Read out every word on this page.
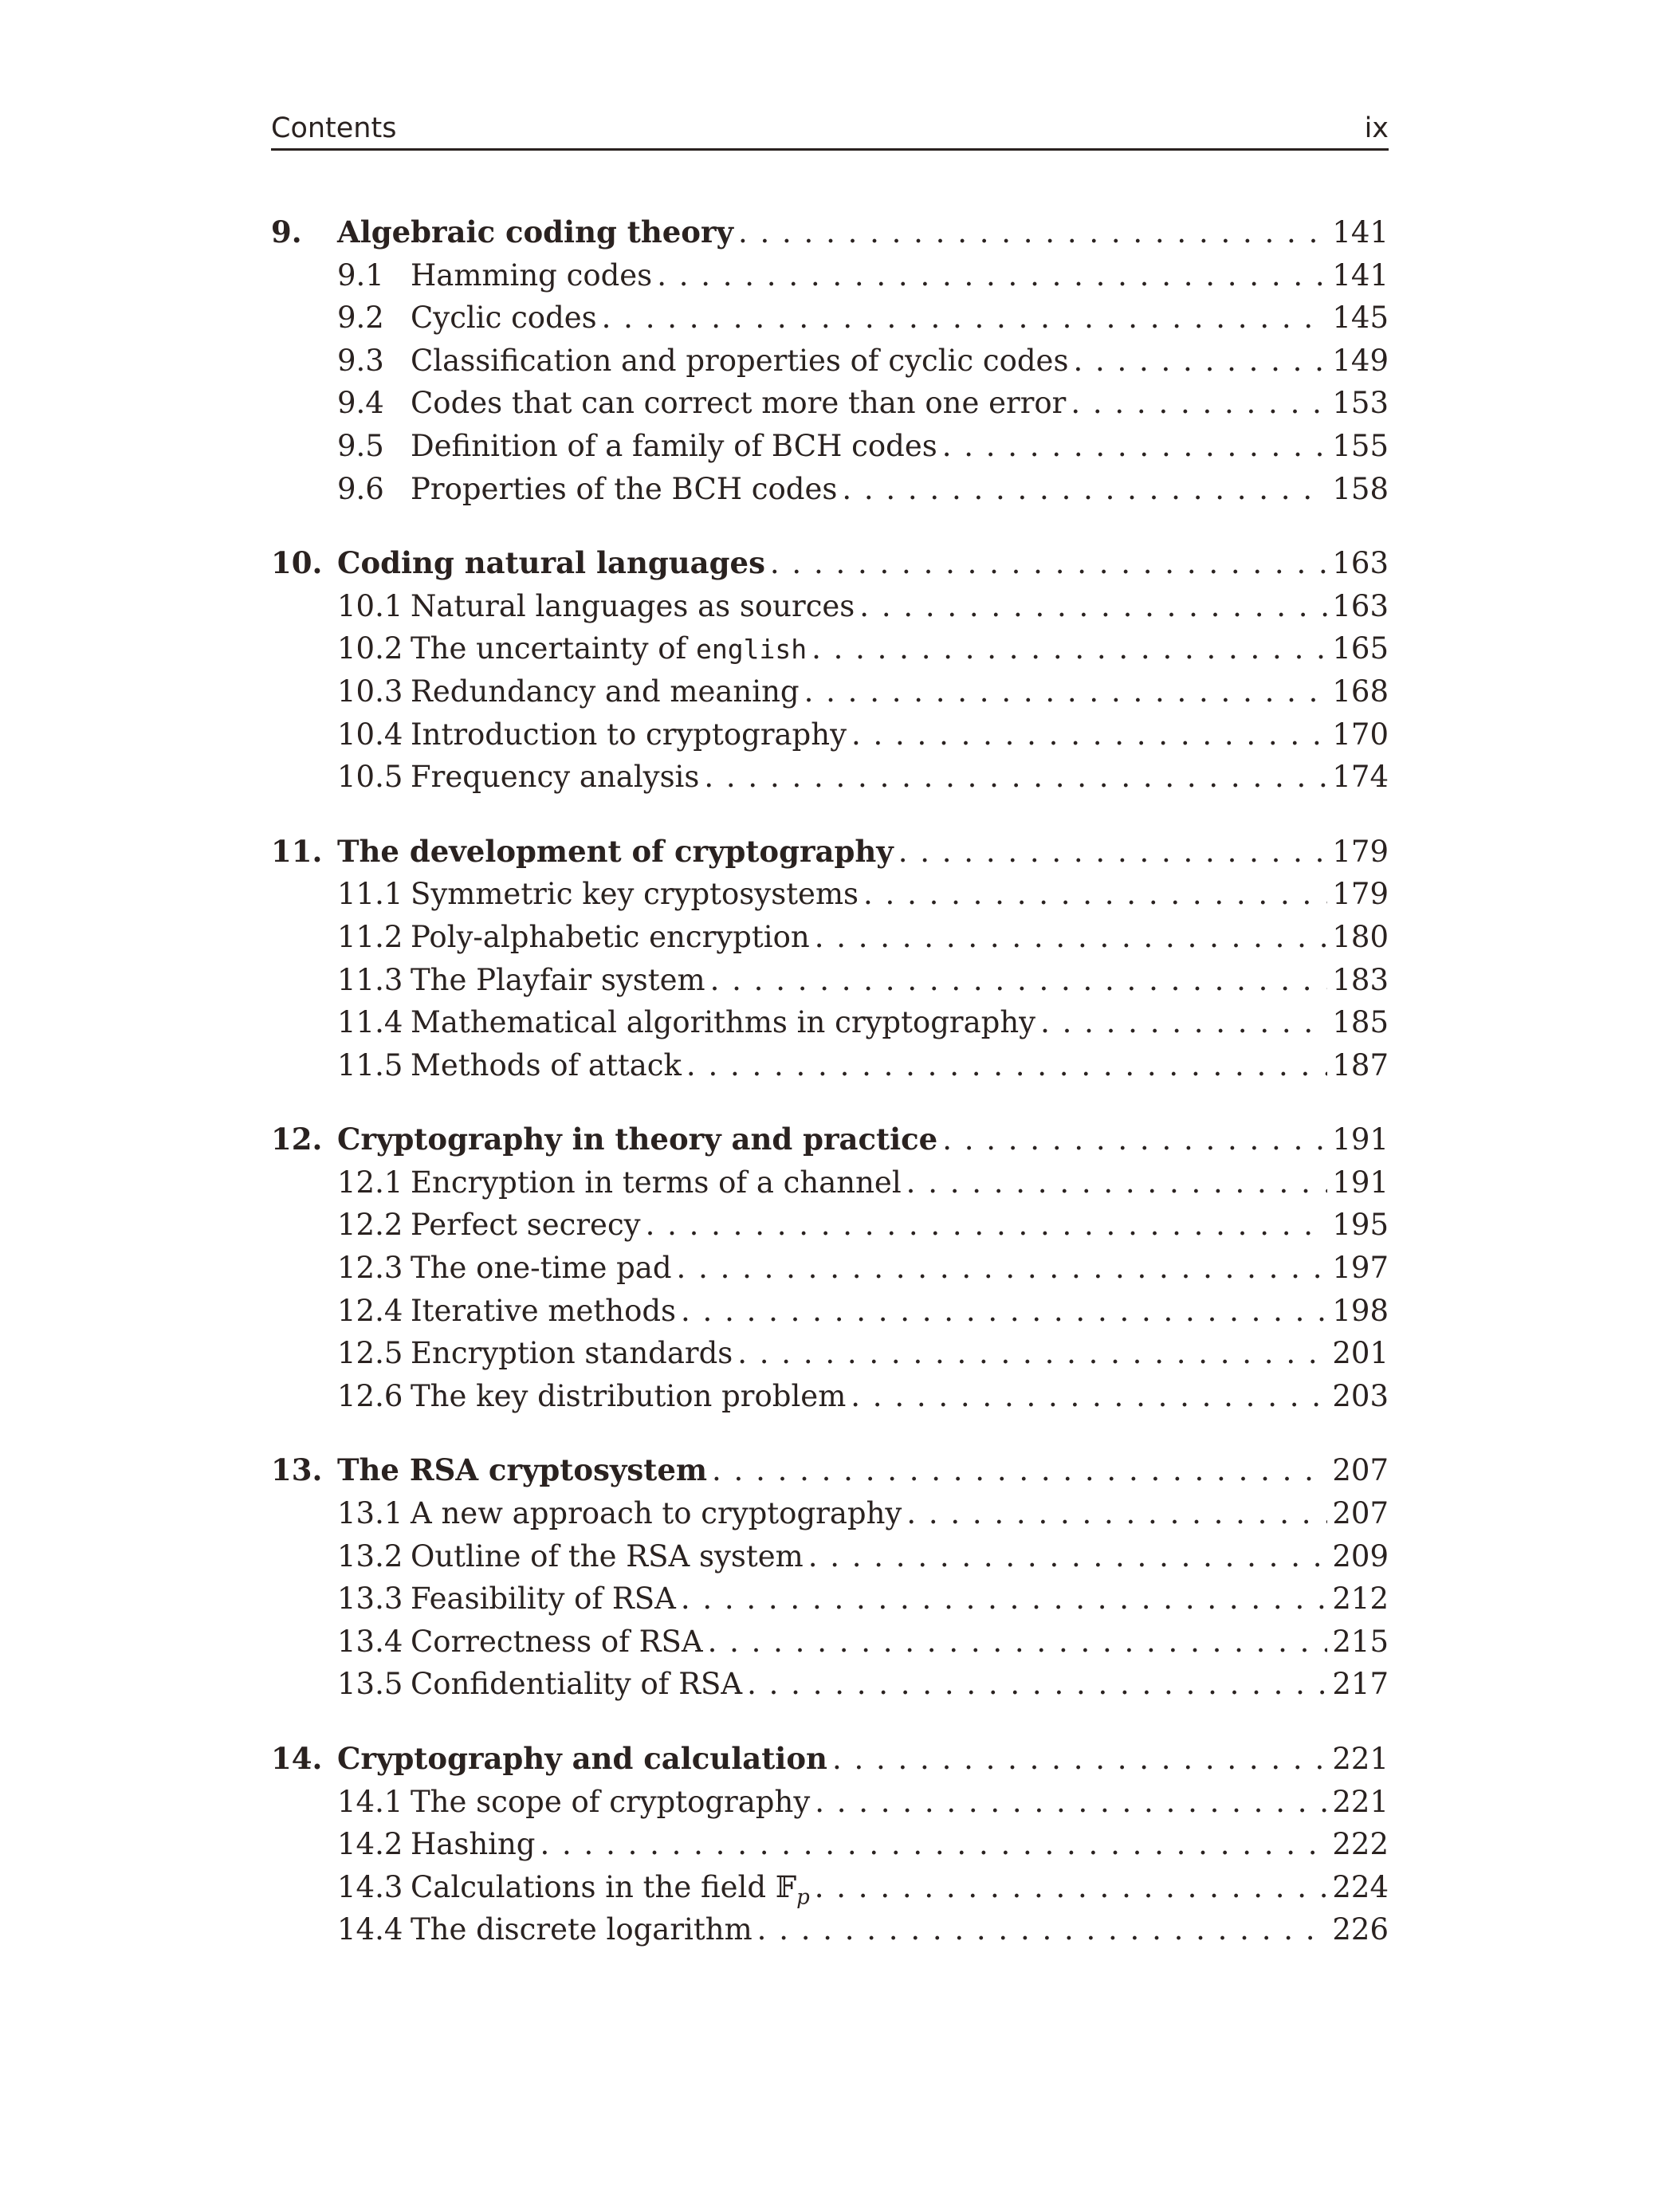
Contents	ix
9.	Algebraic coding theory . . .	141
9.1 Hamming codes . . .	141
9.2 Cyclic codes . . .	145
9.3 Classification and properties of cyclic codes . . .	149
9.4 Codes that can correct more than one error . . .	153
9.5 Definition of a family of BCH codes . . .	155
9.6 Properties of the BCH codes . . .	158
10. Coding natural languages . . .	163
10.1 Natural languages as sources . . .	163
10.2 The uncertainty of english . . .	165
10.3 Redundancy and meaning . . .	168
10.4 Introduction to cryptography . . .	170
10.5 Frequency analysis . . .	174
11. The development of cryptography . . .	179
11.1 Symmetric key cryptosystems . . .	179
11.2 Poly-alphabetic encryption . . .	180
11.3 The Playfair system . . .	183
11.4 Mathematical algorithms in cryptography . . .	185
11.5 Methods of attack . . .	187
12. Cryptography in theory and practice . . .	191
12.1 Encryption in terms of a channel . . .	191
12.2 Perfect secrecy . . .	195
12.3 The one-time pad . . .	197
12.4 Iterative methods . . .	198
12.5 Encryption standards . . .	201
12.6 The key distribution problem . . .	203
13. The RSA cryptosystem . . .	207
13.1 A new approach to cryptography . . .	207
13.2 Outline of the RSA system . . .	209
13.3 Feasibility of RSA . . .	212
13.4 Correctness of RSA . . .	215
13.5 Confidentiality of RSA . . .	217
14. Cryptography and calculation . . .	221
14.1 The scope of cryptography . . .	221
14.2 Hashing . . .	222
14.3 Calculations in the field 𝔽$_p$ . . .	224
14.4 The discrete logarithm . . .	226
